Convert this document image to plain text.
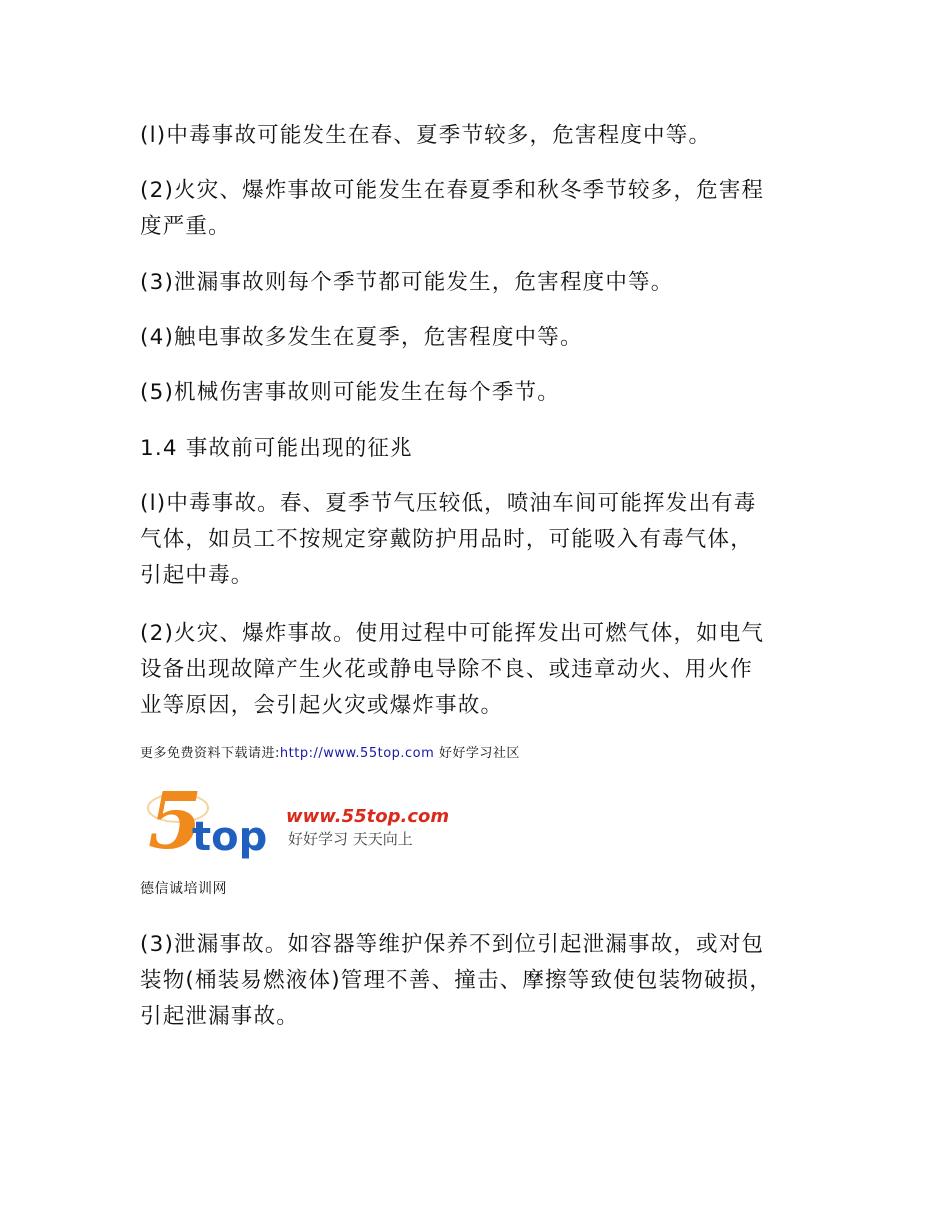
(l)中毒事故可能发生在春、夏季节较多，危害程度中等。
(2)火灾、爆炸事故可能发生在春夏季和秋冬季节较多，危害程
度严重。
(3)泄漏事故则每个季节都可能发生，危害程度中等。
(4)触电事故多发生在夏季，危害程度中等。
(5)机械伤害事故则可能发生在每个季节。
1.4 事故前可能出现的征兆
(l)中毒事故。春、夏季节气压较低，喷油车间可能挥发出有毒
气体，如员工不按规定穿戴防护用品时，可能吸入有毒气体，
引起中毒。
(2)火灾、爆炸事故。使用过程中可能挥发出可燃气体，如电气
设备出现故障产生火花或静电导除不良、或违章动火、用火作
业等原因，会引起火灾或爆炸事故。

更多免费资料下载请进:http://www.55top.com 好好学习社区

5
top www.55top.com
好好学习 天天向上

德信诚培训网

(3)泄漏事故。如容器等维护保养不到位引起泄漏事故，或对包
装物(桶装易燃液体)管理不善、撞击、摩擦等致使包装物破损，
引起泄漏事故。
